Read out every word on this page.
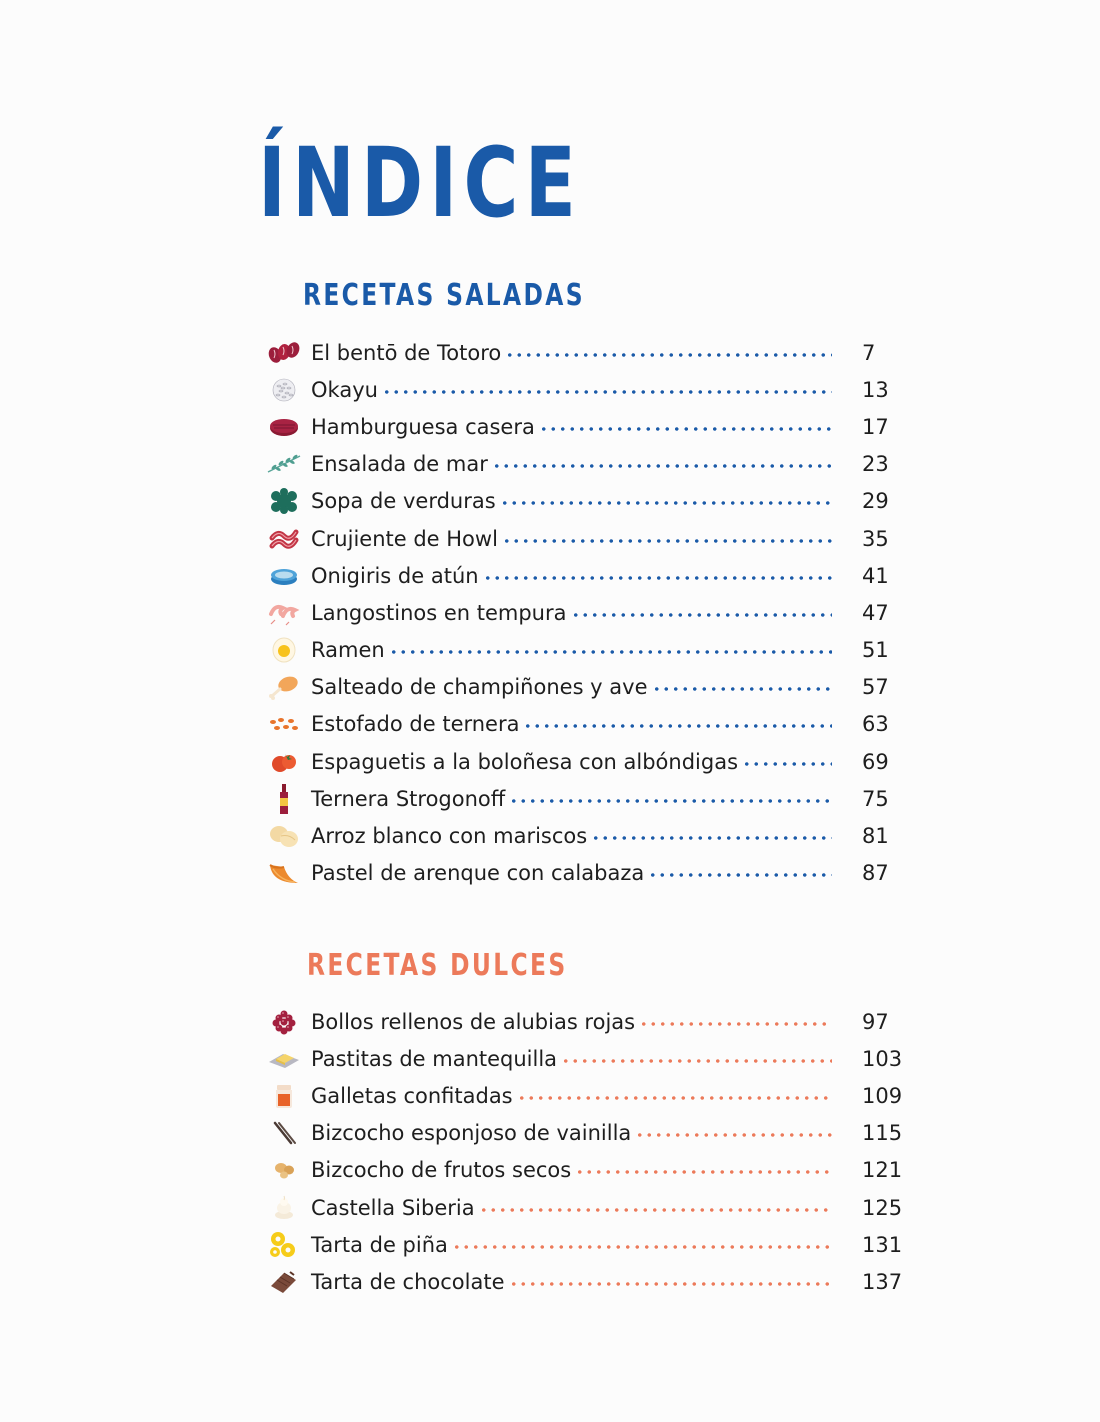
ÍNDICE
RECETAS SALADAS
El bentō de Totoro	7
Okayu	13
Hamburguesa casera	17
Ensalada de mar	23
Sopa de verduras	29
Crujiente de Howl	35
Onigiris de atún	41
Langostinos en tempura	47
Ramen	51
Salteado de champiñones y ave	57
Estofado de ternera	63
Espaguetis a la boloñesa con albóndigas	69
Ternera Strogonoff	75
Arroz blanco con mariscos	81
Pastel de arenque con calabaza	87
RECETAS DULCES
Bollos rellenos de alubias rojas	97
Pastitas de mantequilla	103
Galletas confitadas	109
Bizcocho esponjoso de vainilla	115
Bizcocho de frutos secos	121
Castella Siberia	125
Tarta de piña	131
Tarta de chocolate	137
